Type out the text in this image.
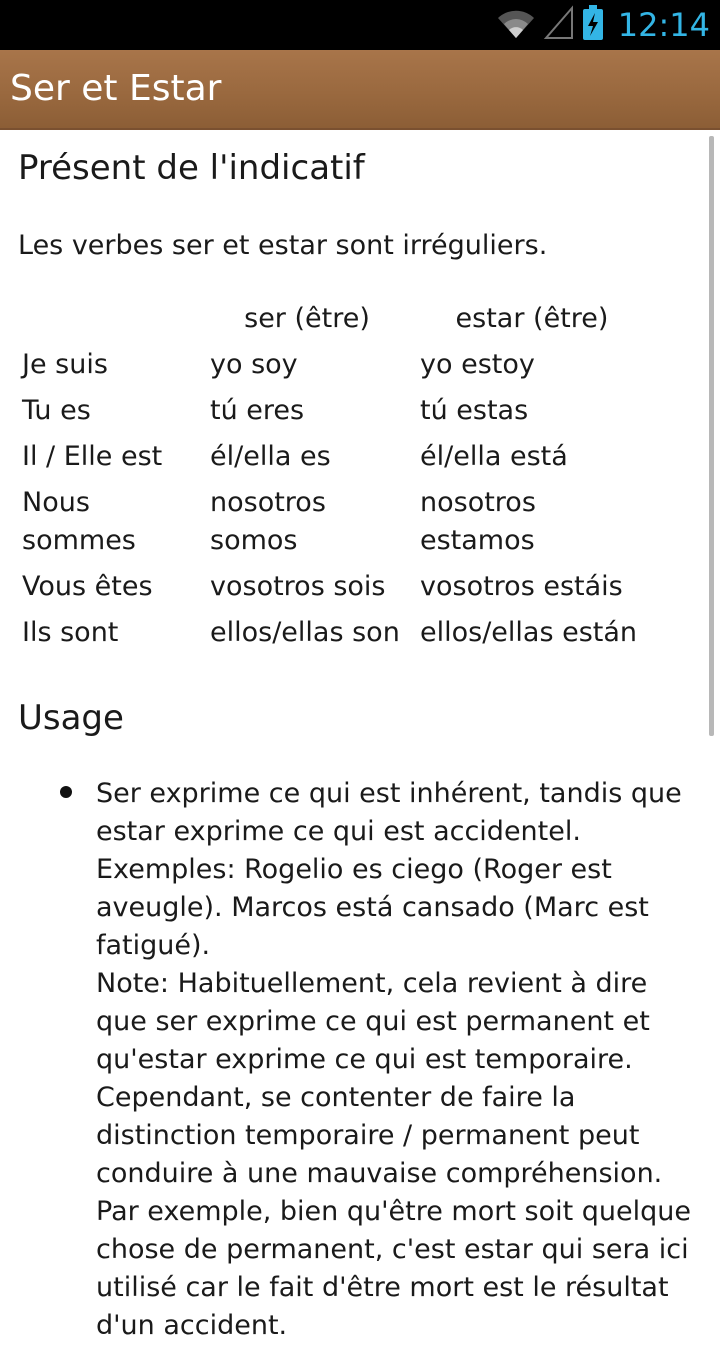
12:14
Ser et Estar
Présent de l'indicatif

Les verbes ser et estar sont irréguliers.

	ser (être)	estar (être)
Je suis	yo soy	yo estoy
Tu es	tú eres	tú estas
Il / Elle est	él/ella es	él/ella está
Nous sommes	nosotros somos	nosotros estamos
Vous êtes	vosotros sois	vosotros estáis
Ils sont	ellos/ellas son	ellos/ellas están
Usage
Ser exprime ce qui est inhérent, tandis que estar exprime ce qui est accidentel. Exemples: Rogelio es ciego (Roger est aveugle). Marcos está cansado (Marc est fatigué).
Note: Habituellement, cela revient à dire que ser exprime ce qui est permanent et qu'estar exprime ce qui est temporaire. Cependant, se contenter de faire la distinction temporaire / permanent peut conduire à une mauvaise compréhension. Par exemple, bien qu'être mort soit quelque chose de permanent, c'est estar qui sera ici utilisé car le fait d'être mort est le résultat d'un accident.
